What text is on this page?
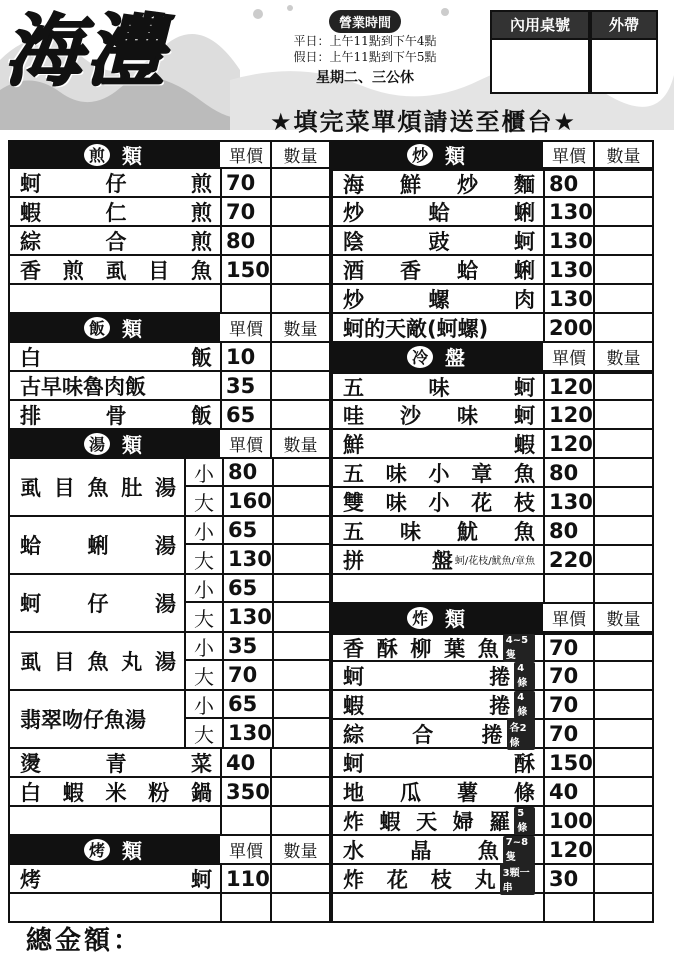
海灃	營業時間
平日：上午11點到下午4點
假日：上午11點到下午5點
星期二、三公休
內用桌號	外帶
★填完菜單煩請送至櫃台★
煎 類	單價	數量
蚵	仔	煎 70
蝦	仁	煎 70
綜	合	煎 80
香 煎 虱 目 魚 150
飯 類	單價	數量
白	飯 10
古早味魯肉飯	35
排	骨	飯 65
湯 類	單價	數量
虱 目 魚 肚 湯
小 80
大 160
蛤 蜊 湯
小 65
大 130
蚵 仔 湯
小 65
大 130
虱 目 魚 丸 湯
小 35
大 70
翡翠吻仔魚湯
小 65
大 130
燙	青	菜 40
白 蝦 米 粉 鍋 350
烤 類	單價	數量
烤	蚵 110
炒 類	單價	數量
海 鮮 炒 麵 80
炒	蛤	蜊 130
陰	豉	蚵 130
酒 香 蛤 蜊 130
炒	螺	肉 130
蚵的天敵(蚵螺)	200
冷 盤	單價	數量
五	味	蚵 120
哇 沙 味 蚵 120
鮮	蝦 120
五 味 小 章 魚 80
雙 味 小 花 枝 130
五 味 魷 魚 80
拼	盤 蚵/花枝/魷魚/章魚 220
炸 類	單價	數量
香 酥 柳 葉 魚 4~5隻	70
蚵	捲 4條	70
蝦	捲 4條	70
綜 合 捲 各2條	70
蚵	酥 150
地 瓜 薯 條 40
炸 蝦 天 婦 羅 5條	100
水 晶 魚 7~8隻	120
炸 花 枝 丸 3顆一串	30
總金額：
